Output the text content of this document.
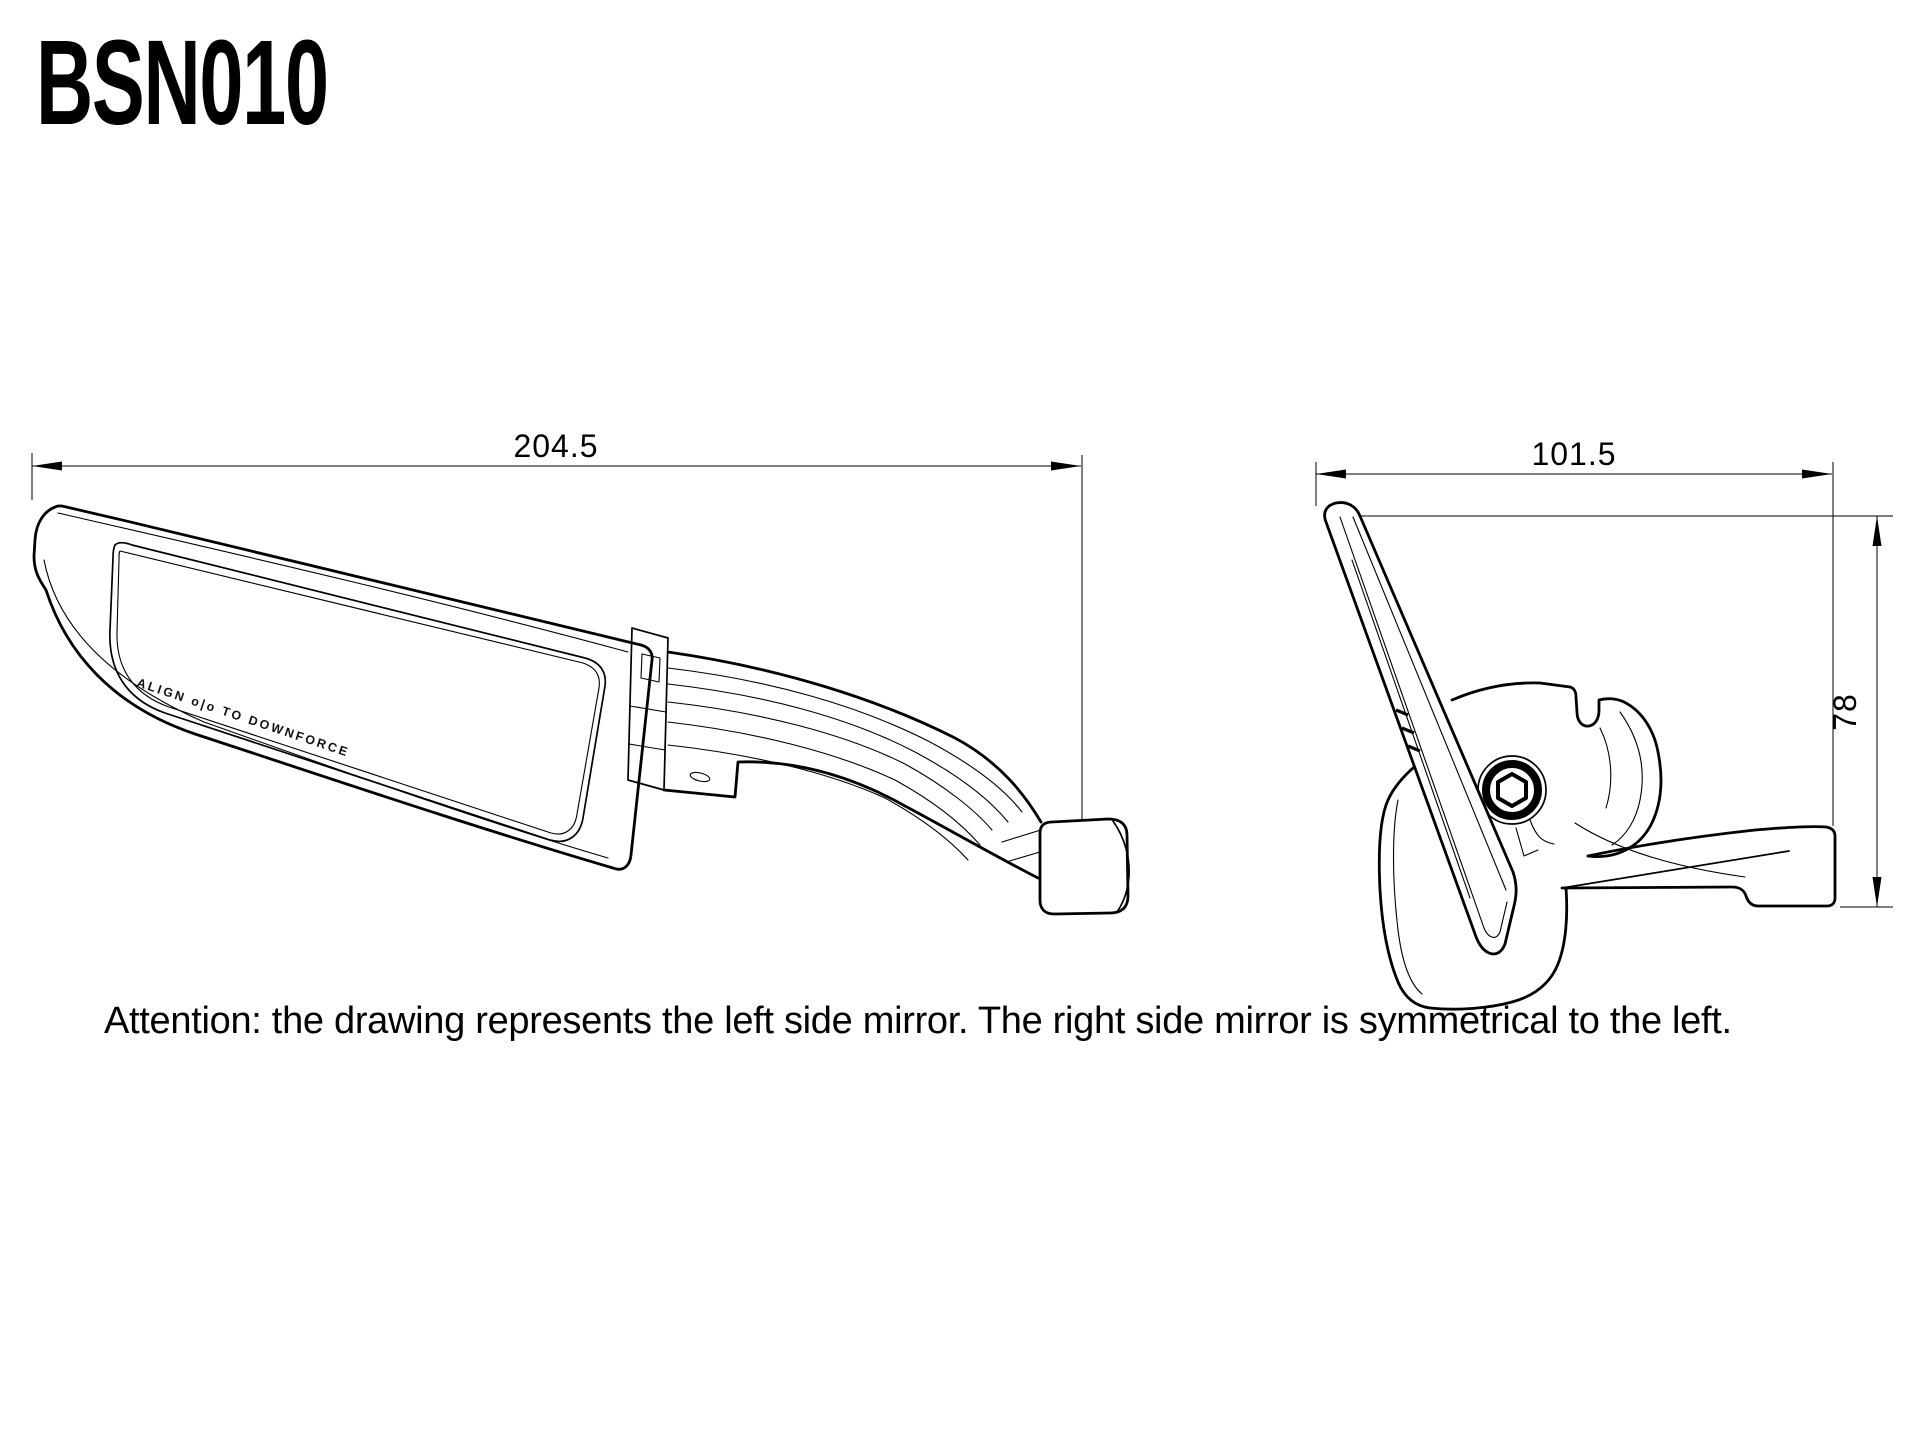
BSN010
204.5
ALIGN o|o TO DOWNFORCE
101.5
78
Attention: the drawing represents the left side mirror. The right side mirror is symmetrical to the left.
